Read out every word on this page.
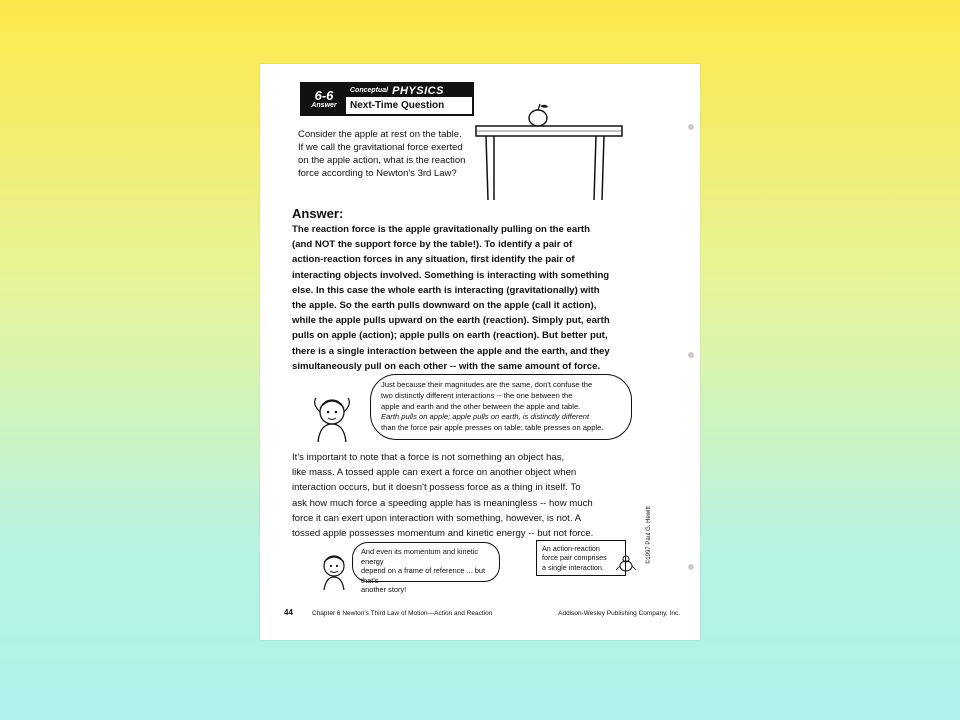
6-6
Answer
Conceptual PHYSICS
Next-Time Question
Consider the apple at rest on the table.
If we call the gravitational force exerted
on the apple action, what is the reaction
force according to Newton's 3rd Law?
Answer:
The reaction force is the apple gravitationally pulling on the earth
(and NOT the support force by the table!). To identify a pair of
action-reaction forces in any situation, first identify the pair of
interacting objects involved. Something is interacting with something
else. In this case the whole earth is interacting (gravitationally) with
the apple. So the earth pulls downward on the apple (call it action),
while the apple pulls upward on the earth (reaction). Simply put, earth
pulls on apple (action); apple pulls on earth (reaction). But better put,
there is a single interaction between the apple and the earth, and they
simultaneously pull on each other -- with the same amount of force.
Just because their magnitudes are the same, don't confuse the
two distinctly different interactions -- the one between the
apple and earth and the other between the apple and table.
Earth pulls on apple; apple pulls on earth, is distinctly different
than the force pair apple presses on table; table presses on apple.
It's important to note that a force is not something an object has,
like mass. A tossed apple can exert a force on another object when
interaction occurs, but it doesn't possess force as a thing in itself. To
ask how much force a speeding apple has is meaningless -- how much
force it can exert upon interaction with something, however, is not. A
tossed apple possesses momentum and kinetic energy -- but not force.
And even its momentum and kinetic energy
depend on a frame of reference ... but that's
another story!
An action-reaction
force pair comprises
a single interaction.
©1997 Paul G. Hewitt
44	Chapter 6 Newton's Third Law of Motion—Action and Reaction	Addison-Wesley Publishing Company, Inc.
